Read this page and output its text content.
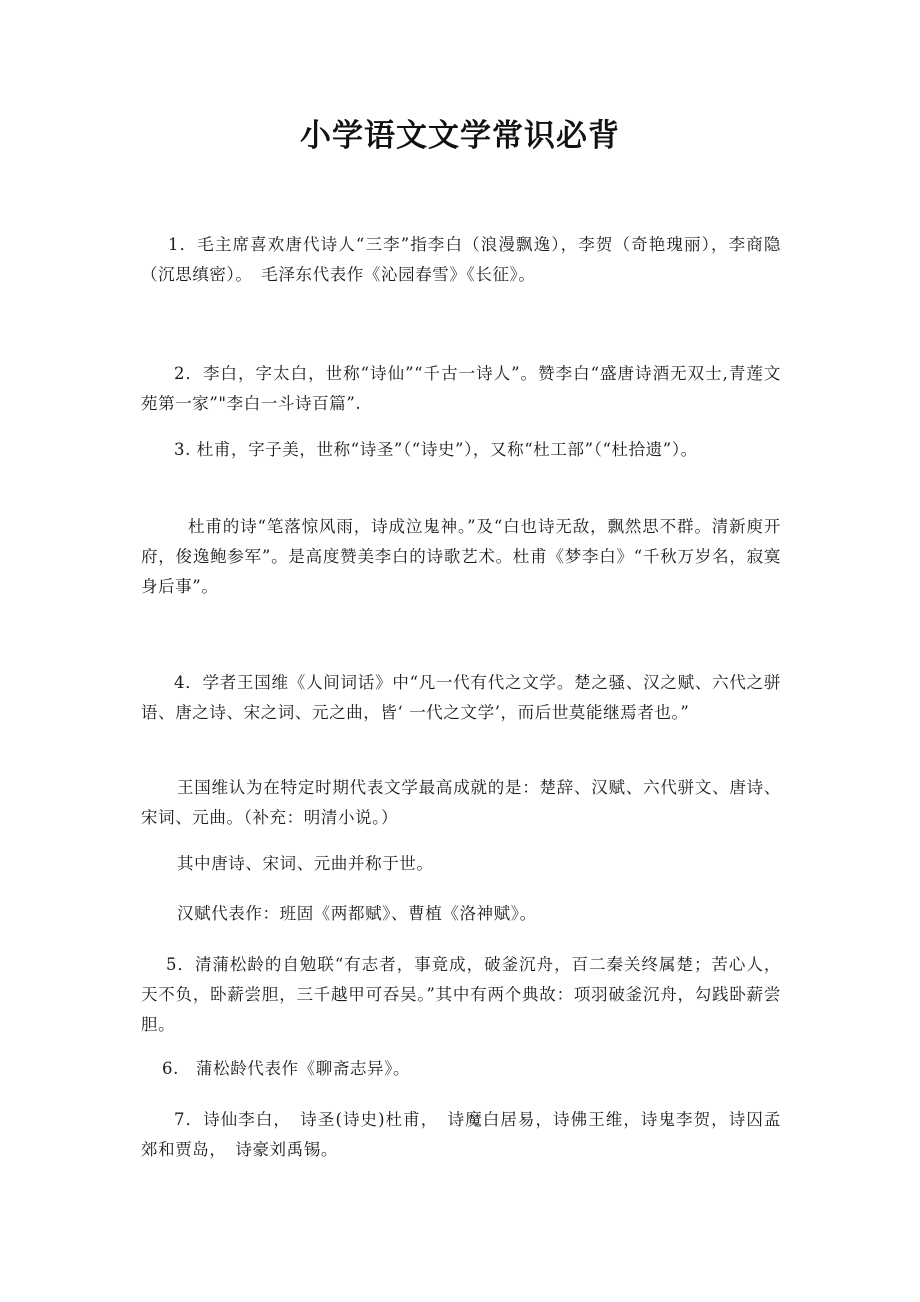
小学语文文学常识必背

1．毛主席喜欢唐代诗人“三李”指李白（浪漫飘逸），李贺（奇艳瑰丽），李商隐（沉思缜密）。　毛泽东代表作《沁园春雪》《长征》。

2．李白，字太白，世称“诗仙”“千古一诗人”。赞李白“盛唐诗酒无双士,青莲文苑第一家”"李白一斗诗百篇”.

3. 杜甫，字子美，世称“诗圣”（“诗史”），又称“杜工部”（“杜拾遗”）。

杜甫的诗“笔落惊风雨，诗成泣鬼神。”及“白也诗无敌，飘然思不群。清新庾开府，俊逸鲍参军”。是高度赞美李白的诗歌艺术。杜甫《梦李白》“千秋万岁名，寂寞身后事”。

4．学者王国维《人间词话》中“凡一代有代之文学。楚之骚、汉之赋、六代之骈语、唐之诗、宋之词、元之曲，皆‘ 一代之文学’，而后世莫能继焉者也。”

王国维认为在特定时期代表文学最高成就的是：楚辞、汉赋、六代骈文、唐诗、宋词、元曲。（补充：明清小说。）

其中唐诗、宋词、元曲并称于世。

汉赋代表作：班固《两都赋》、曹植《洛神赋》。

5．清蒲松龄的自勉联“有志者，事竟成，破釜沉舟，百二秦关终属楚；苦心人，天不负，卧薪尝胆，三千越甲可吞吴。”其中有两个典故：项羽破釜沉舟，勾践卧薪尝胆。

6.　蒲松龄代表作《聊斋志异》。

7．诗仙李白，　诗圣(诗史)杜甫，　诗魔白居易，诗佛王维，诗鬼李贺，诗囚孟郊和贾岛，　诗豪刘禹锡。
